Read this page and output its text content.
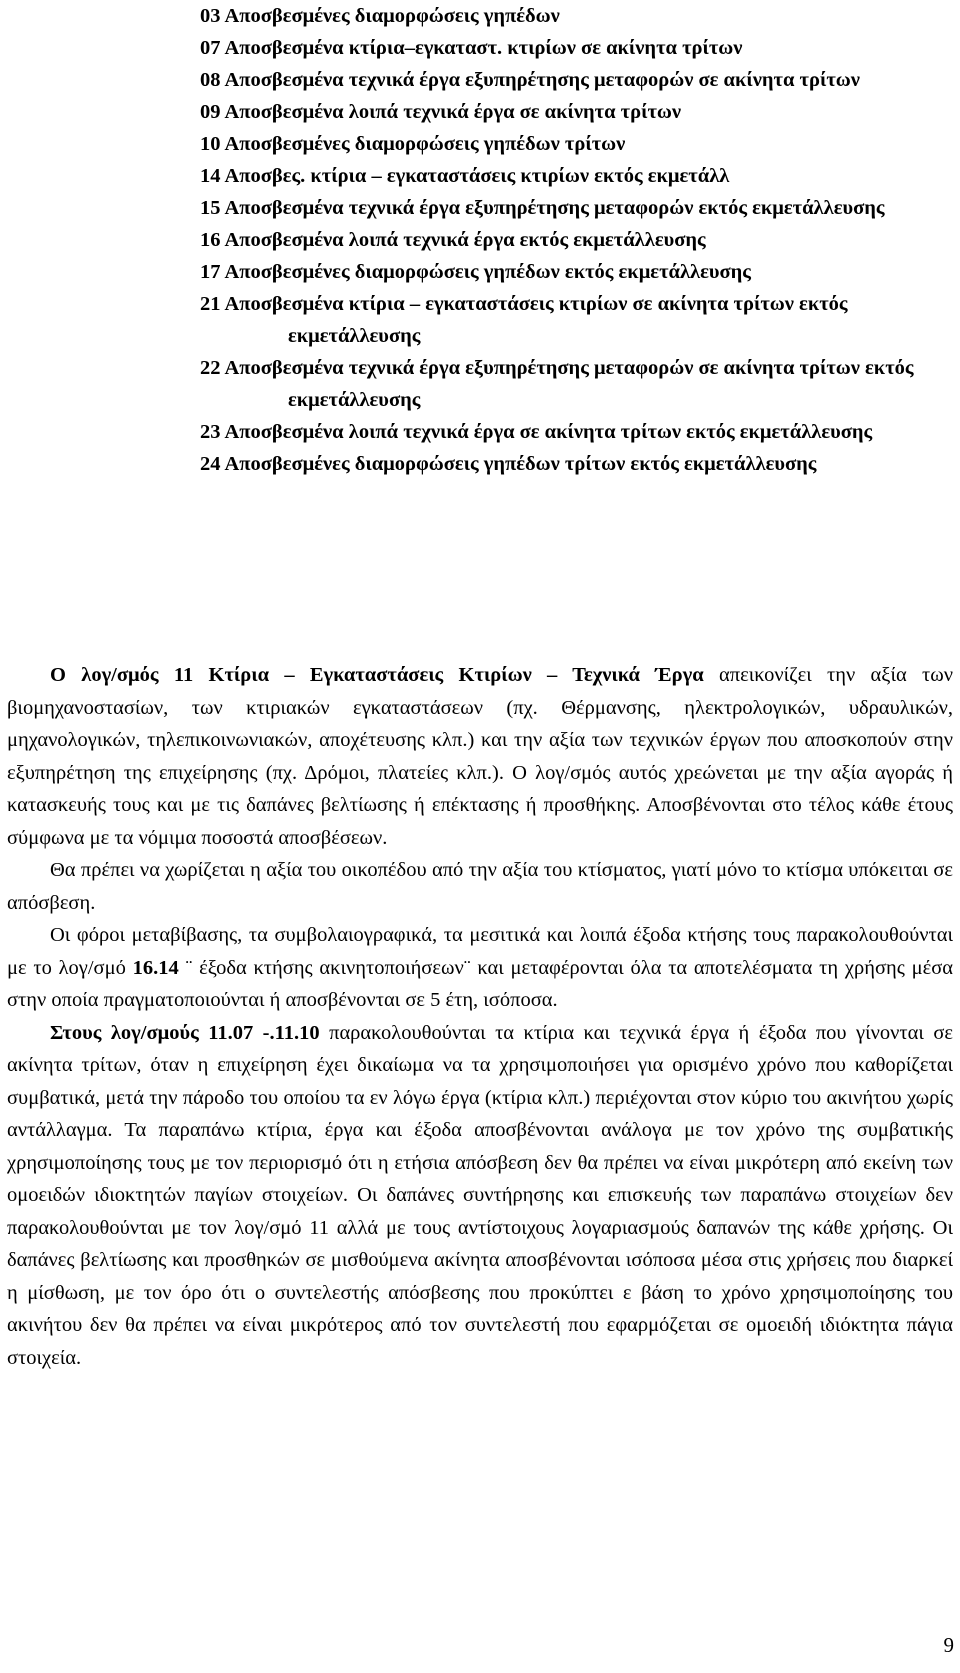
03 Αποσβεσμένες διαμορφώσεις γηπέδων
07 Αποσβεσμένα κτίρια–εγκαταστ. κτιρίων σε ακίνητα τρίτων
08 Αποσβεσμένα τεχνικά έργα εξυπηρέτησης μεταφορών σε ακίνητα τρίτων
09 Αποσβεσμένα λοιπά τεχνικά έργα σε ακίνητα τρίτων
10 Αποσβεσμένες διαμορφώσεις γηπέδων τρίτων
14 Αποσβες. κτίρια – εγκαταστάσεις κτιρίων εκτός εκμετάλλ
15 Αποσβεσμένα τεχνικά έργα εξυπηρέτησης μεταφορών εκτός εκμετάλλευσης
16 Αποσβεσμένα λοιπά τεχνικά έργα εκτός εκμετάλλευσης
17 Αποσβεσμένες διαμορφώσεις γηπέδων εκτός εκμετάλλευσης
21 Αποσβεσμένα κτίρια – εγκαταστάσεις κτιρίων σε ακίνητα τρίτων εκτός εκμετάλλευσης
22 Αποσβεσμένα τεχνικά έργα εξυπηρέτησης μεταφορών σε ακίνητα τρίτων εκτός εκμετάλλευσης
23 Αποσβεσμένα λοιπά τεχνικά έργα σε ακίνητα τρίτων εκτός εκμετάλλευσης
24 Αποσβεσμένες διαμορφώσεις γηπέδων τρίτων εκτός εκμετάλλευσης

Ο λογ/σμός 11 Κτίρια – Εγκαταστάσεις Κτιρίων – Τεχνικά Έργα απεικονίζει την αξία των βιομηχανοστασίων, των κτιριακών εγκαταστάσεων (πχ. Θέρμανσης, ηλεκτρολογικών, υδραυλικών, μηχανολογικών, τηλεπικοινωνιακών, αποχέτευσης κλπ.) και την αξία των τεχνικών έργων που αποσκοπούν στην εξυπηρέτηση της επιχείρησης (πχ. Δρόμοι, πλατείες κλπ.). Ο λογ/σμός αυτός χρεώνεται με την αξία αγοράς ή κατασκευής τους και με τις δαπάνες βελτίωσης ή επέκτασης ή προσθήκης. Αποσβένονται στο τέλος κάθε έτους σύμφωνα με τα νόμιμα ποσοστά αποσβέσεων.

Θα πρέπει να χωρίζεται η αξία του οικοπέδου από την αξία του κτίσματος, γιατί μόνο το κτίσμα υπόκειται σε απόσβεση.

Οι φόροι μεταβίβασης, τα συμβολαιογραφικά, τα μεσιτικά και λοιπά έξοδα κτήσης τους παρακολουθούνται με το λογ/σμό 16.14 ¨ έξοδα κτήσης ακινητοποιήσεων¨ και μεταφέρονται όλα τα αποτελέσματα τη χρήσης μέσα στην οποία πραγματοποιούνται ή αποσβένονται σε 5 έτη, ισόποσα.

Στους λογ/σμούς 11.07 -.11.10 παρακολουθούνται τα κτίρια και τεχνικά έργα ή έξοδα που γίνονται σε ακίνητα τρίτων, όταν η επιχείρηση έχει δικαίωμα να τα χρησιμοποιήσει για ορισμένο χρόνο που καθορίζεται συμβατικά, μετά την πάροδο του οποίου τα εν λόγω έργα (κτίρια κλπ.) περιέχονται στον κύριο του ακινήτου χωρίς αντάλλαγμα. Τα παραπάνω κτίρια, έργα και έξοδα αποσβένονται ανάλογα με τον χρόνο της συμβατικής χρησιμοποίησης τους με τον περιορισμό ότι η ετήσια απόσβεση δεν θα πρέπει να είναι μικρότερη από εκείνη των ομοειδών ιδιοκτητών παγίων στοιχείων. Οι δαπάνες συντήρησης και επισκευής των παραπάνω στοιχείων δεν παρακολουθούνται με τον λογ/σμό 11 αλλά με τους αντίστοιχους λογαριασμούς δαπανών της κάθε χρήσης. Οι δαπάνες βελτίωσης και προσθηκών σε μισθούμενα ακίνητα αποσβένονται ισόποσα μέσα στις χρήσεις που διαρκεί η μίσθωση, με τον όρο ότι ο συντελεστής απόσβεσης που προκύπτει ε βάση το χρόνο χρησιμοποίησης του ακινήτου δεν θα πρέπει να είναι μικρότερος από τον συντελεστή που εφαρμόζεται σε ομοειδή ιδιόκτητα πάγια στοιχεία.

9
